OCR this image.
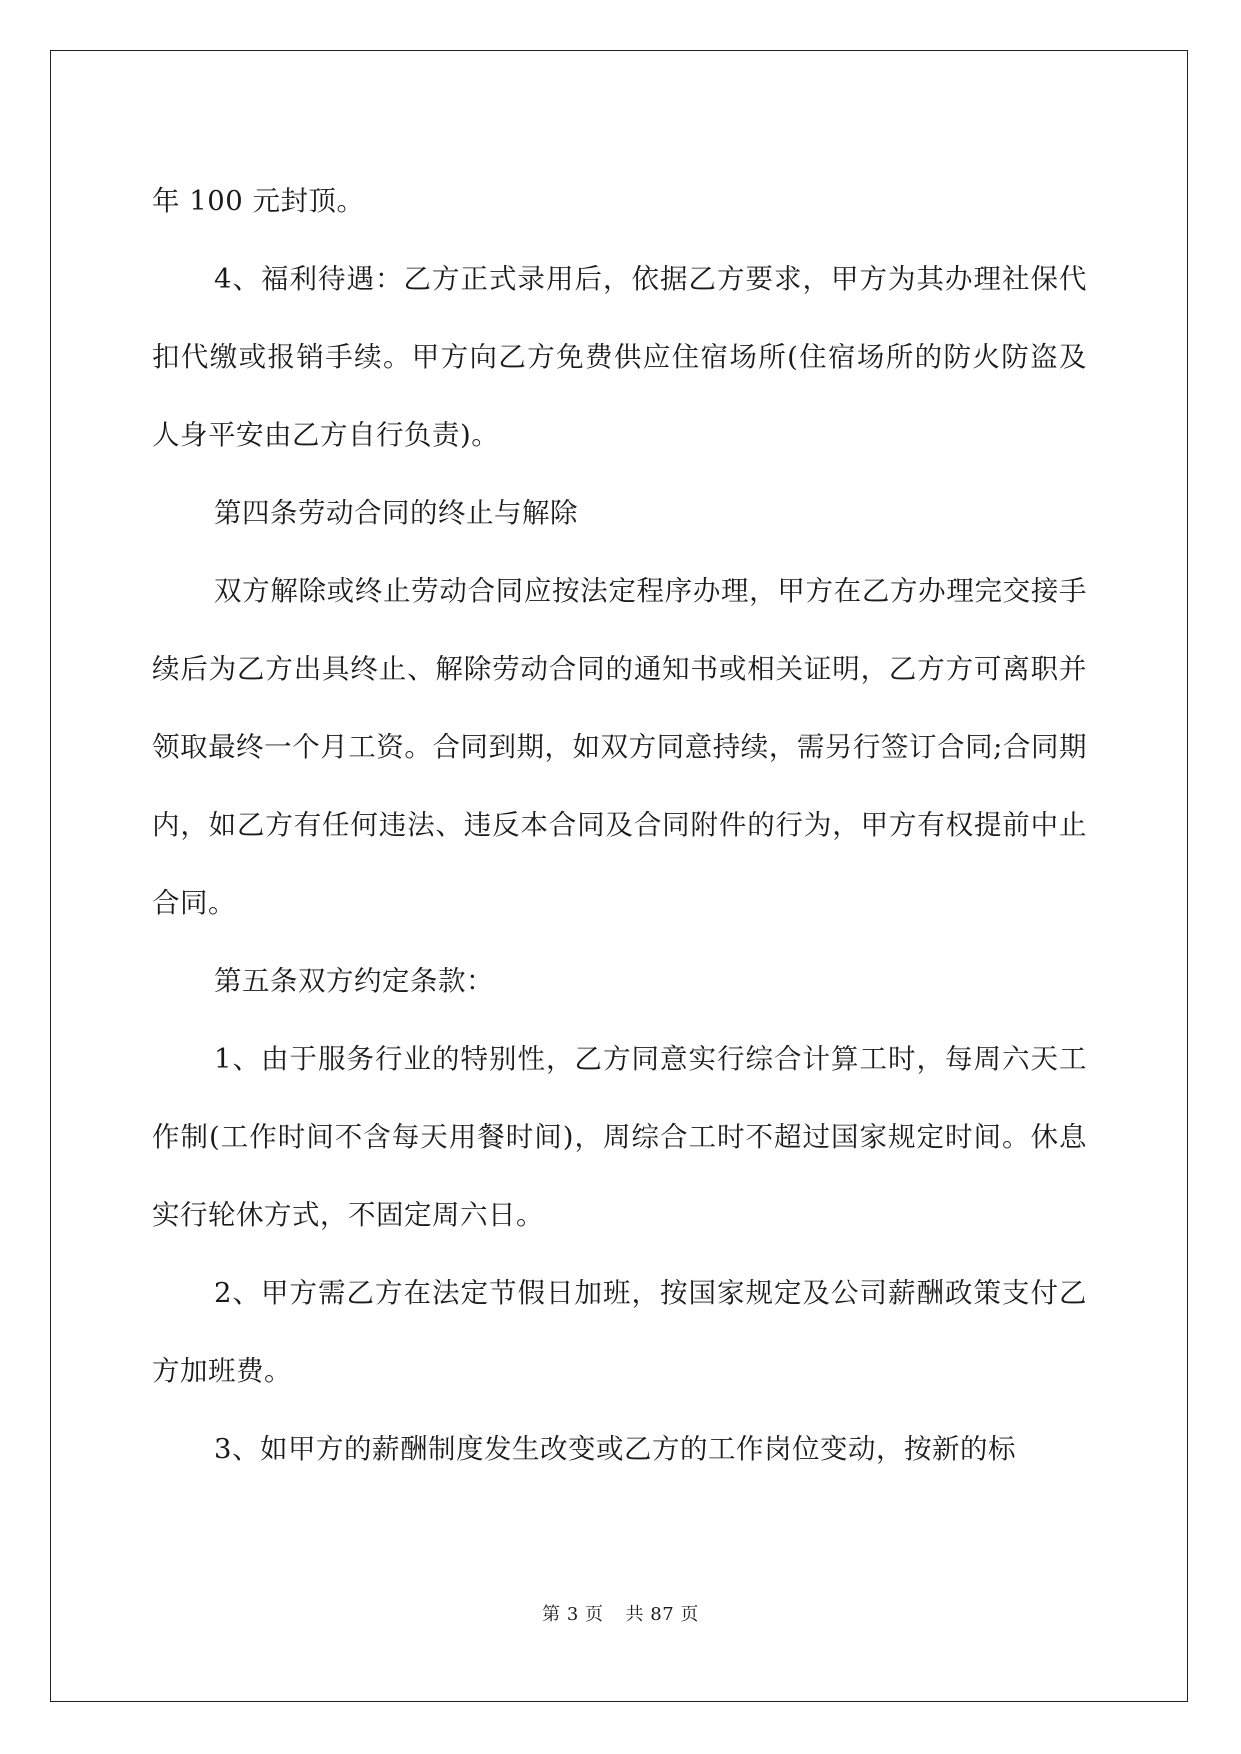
年 100 元封顶。

4、福利待遇：乙方正式录用后，依据乙方要求，甲方为其办理社保代扣代缴或报销手续。甲方向乙方免费供应住宿场所(住宿场所的防火防盗及人身平安由乙方自行负责)。

第四条劳动合同的终止与解除

双方解除或终止劳动合同应按法定程序办理，甲方在乙方办理完交接手续后为乙方出具终止、解除劳动合同的通知书或相关证明，乙方方可离职并领取最终一个月工资。合同到期，如双方同意持续，需另行签订合同;合同期内，如乙方有任何违法、违反本合同及合同附件的行为，甲方有权提前中止合同。

第五条双方约定条款：

1、由于服务行业的特别性，乙方同意实行综合计算工时，每周六天工作制(工作时间不含每天用餐时间)，周综合工时不超过国家规定时间。休息实行轮休方式，不固定周六日。

2、甲方需乙方在法定节假日加班，按国家规定及公司薪酬政策支付乙方加班费。

3、如甲方的薪酬制度发生改变或乙方的工作岗位变动，按新的标

第 3 页 共 87 页
